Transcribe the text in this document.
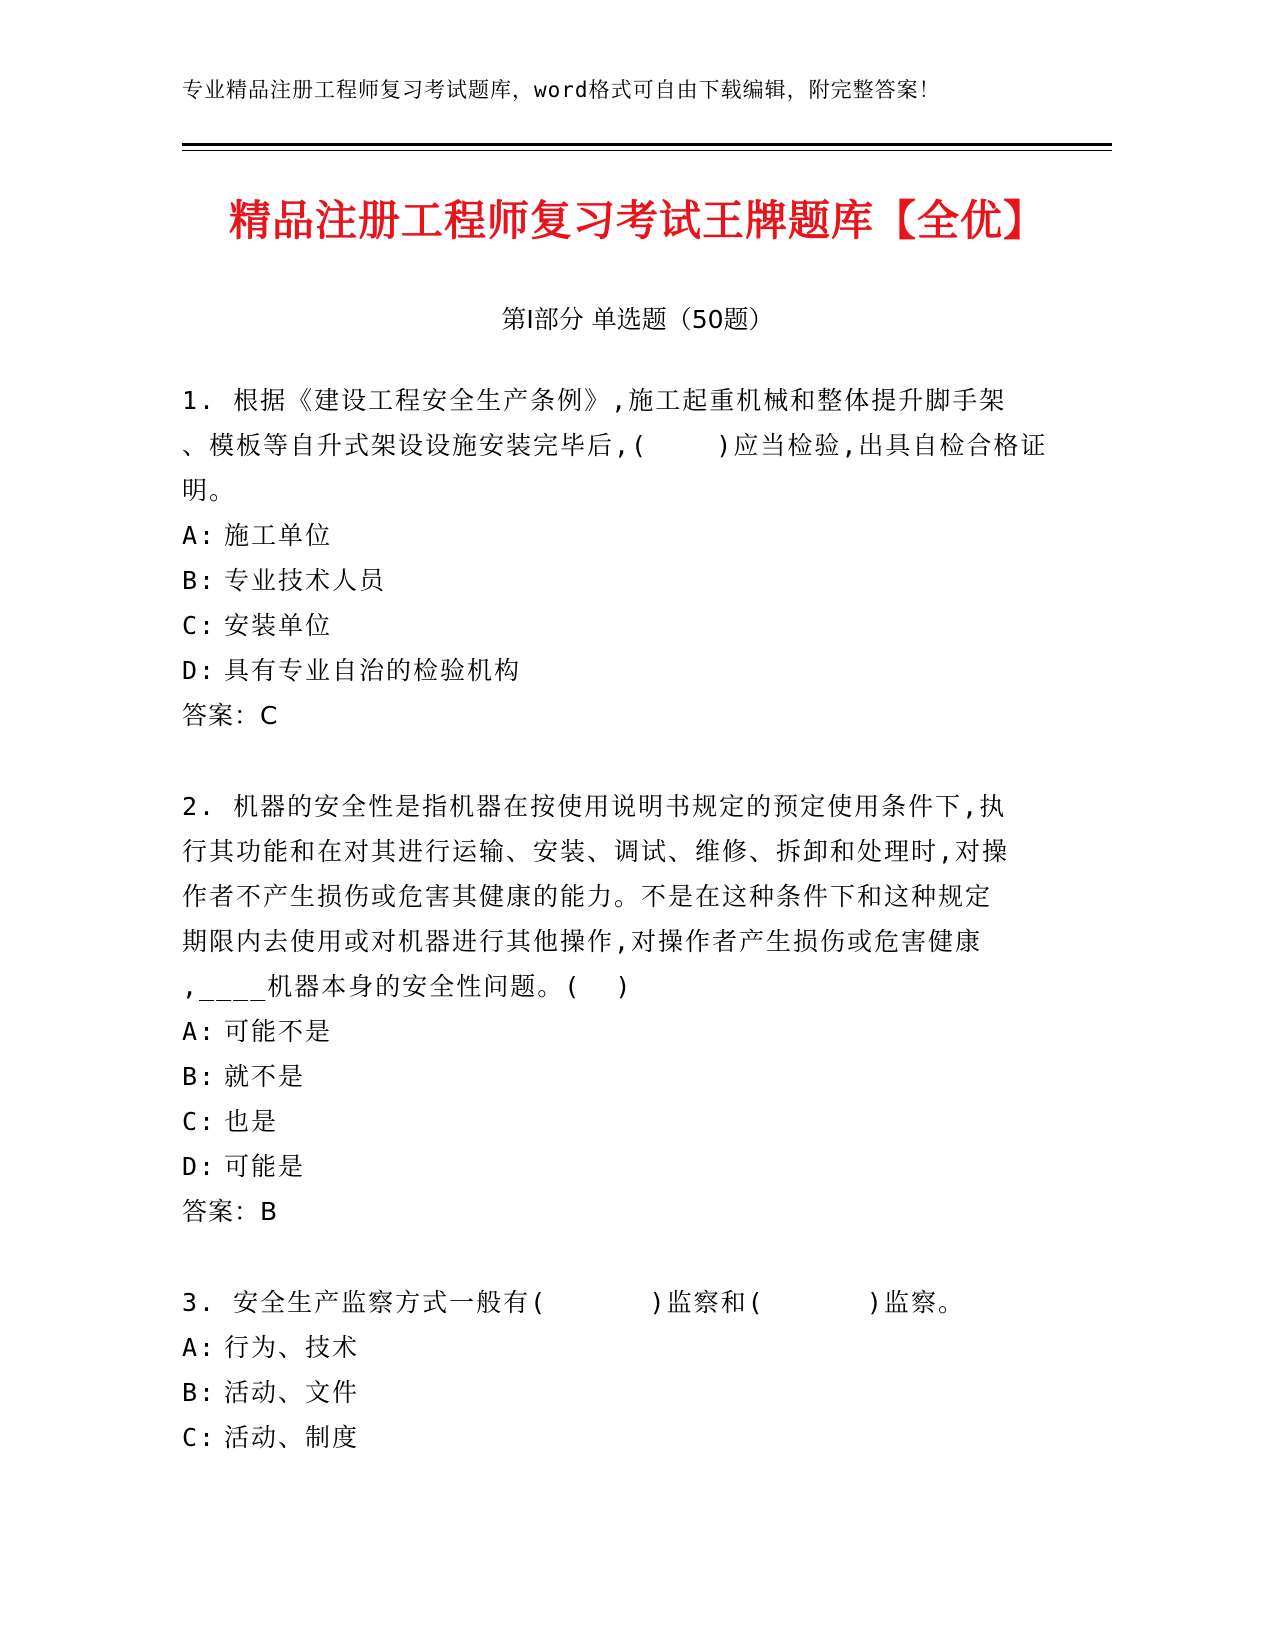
专业精品注册工程师复习考试题库，word格式可自由下载编辑，附完整答案！
精品注册工程师复习考试王牌题库【全优】
第I部分 单选题（50题）
1. 根据《建设工程安全生产条例》,施工起重机械和整体提升脚手架
、模板等自升式架设设施安装完毕后,(    )应当检验,出具自检合格证
明。
A: 施工单位
B: 专业技术人员
C: 安装单位
D: 具有专业自治的检验机构
答案：C
2. 机器的安全性是指机器在按使用说明书规定的预定使用条件下,执
行其功能和在对其进行运输、安装、调试、维修、拆卸和处理时,对操
作者不产生损伤或危害其健康的能力。不是在这种条件下和这种规定
期限内去使用或对机器进行其他操作,对操作者产生损伤或危害健康
,____机器本身的安全性问题。(  )
A: 可能不是
B: 就不是
C: 也是
D: 可能是
答案：B
3. 安全生产监察方式一般有(      )监察和(      )监察。
A: 行为、技术
B: 活动、文件
C: 活动、制度
